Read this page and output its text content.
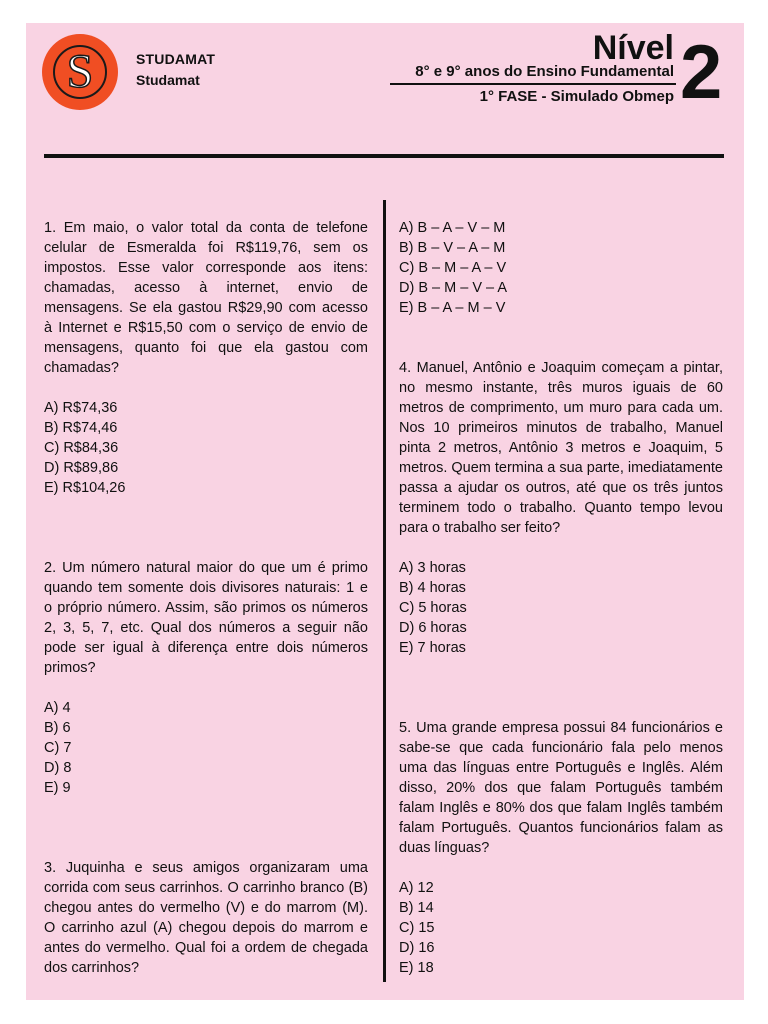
S	STUDAMAT
Studamat
Nível
8° e 9° anos do Ensino Fundamental
1° FASE - Simulado Obmep 2

1. Em maio, o valor total da conta de telefone celular de Esmeralda foi R$119,76, sem os impostos. Esse valor corresponde aos itens: chamadas, acesso à internet, envio de mensagens. Se ela gastou R$29,90 com acesso à Internet e R$15,50 com o serviço de envio de mensagens, quanto foi que ela gastou com chamadas?

A) R$74,36
B) R$74,46
C) R$84,36
D) R$89,86
E) R$104,26

2. Um número natural maior do que um é primo quando tem somente dois divisores naturais: 1 e o próprio número. Assim, são primos os números 2, 3, 5, 7, etc. Qual dos números a seguir não pode ser igual à diferença entre dois números primos?

A) 4
B) 6
C) 7
D) 8
E) 9

3. Juquinha e seus amigos organizaram uma corrida com seus carrinhos. O carrinho branco (B) chegou antes do vermelho (V) e do marrom (M). O carrinho azul (A) chegou depois do marrom e antes do vermelho. Qual foi a ordem de chegada dos carrinhos?

A) B – A – V – M
B) B – V – A – M
C) B – M – A – V
D) B – M – V – A
E) B – A – M – V

4. Manuel, Antônio e Joaquim começam a pintar, no mesmo instante, três muros iguais de 60 metros de comprimento, um muro para cada um. Nos 10 primeiros minutos de trabalho, Manuel pinta 2 metros, Antônio 3 metros e Joaquim, 5 metros. Quem termina a sua parte, imediatamente passa a ajudar os outros, até que os três juntos terminem todo o trabalho. Quanto tempo levou para o trabalho ser feito?

A) 3 horas
B) 4 horas
C) 5 horas
D) 6 horas
E) 7 horas

5. Uma grande empresa possui 84 funcionários e sabe-se que cada funcionário fala pelo menos uma das línguas entre Português e Inglês. Além disso, 20% dos que falam Português também falam Inglês e 80% dos que falam Inglês também falam Português. Quantos funcionários falam as duas línguas?

A) 12
B) 14
C) 15
D) 16
E) 18
